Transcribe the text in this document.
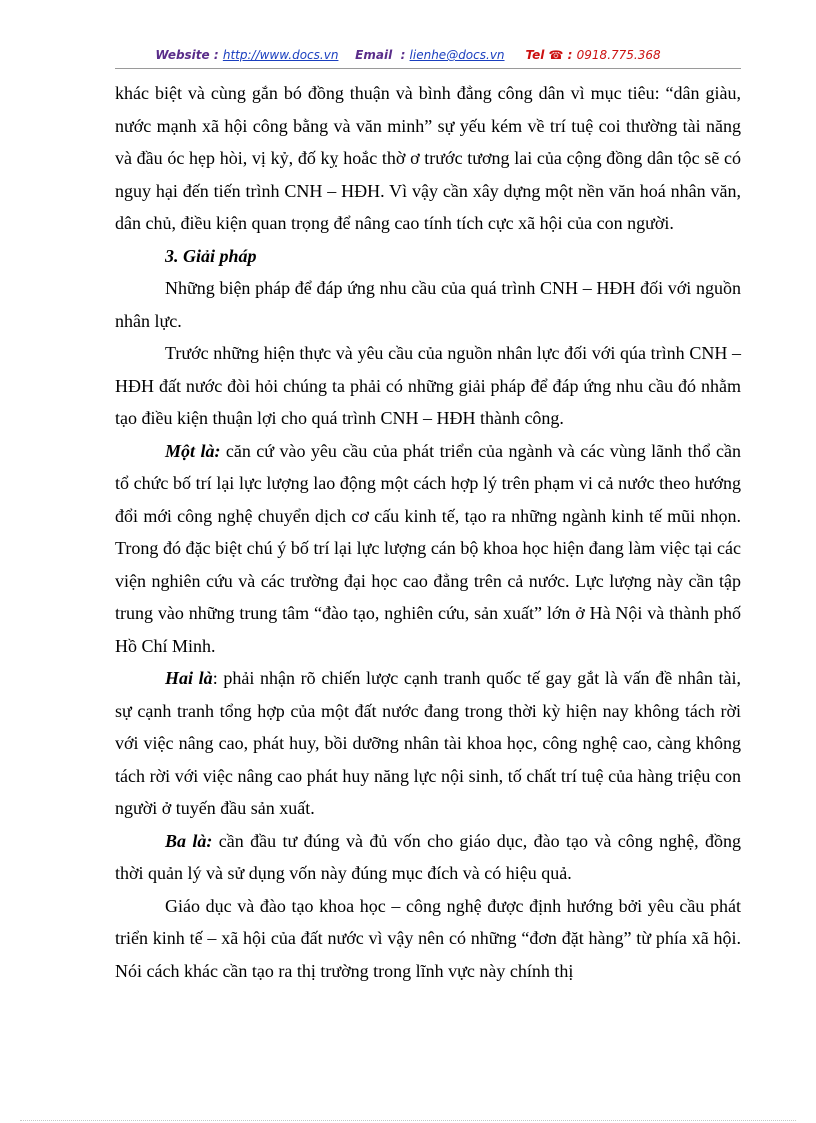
Website : http://www.docs.vn Email  : lienhe@docs.vn Tel ☎ : 0918.775.368

khác biệt và cùng gắn bó đồng thuận và bình đẳng công dân vì mục tiêu: “dân giàu, nước mạnh xã hội công bằng và văn minh” sự yếu kém về trí tuệ coi thường tài năng và đầu óc hẹp hòi, vị kỷ, đố kỵ hoắc thờ ơ trước tương lai của cộng đồng dân tộc sẽ có nguy hại đến tiến trình CNH – HĐH. Vì vậy cần xây dựng một nền văn hoá nhân văn, dân chủ, điều kiện quan trọng để nâng cao tính tích cực xã hội của con người.

3. Giải pháp

Những biện pháp để đáp ứng nhu cầu của quá trình CNH – HĐH đối với nguồn nhân lực.

Trước những hiện thực và yêu cầu của nguồn nhân lực đối với qúa trình CNH – HĐH đất nước đòi hỏi chúng ta phải có những giải pháp để đáp ứng nhu cầu đó nhằm tạo điều kiện thuận lợi cho quá trình CNH – HĐH thành công.

Một là: căn cứ vào yêu cầu của phát triển của ngành và các vùng lãnh thổ cần tổ chức bố trí lại lực lượng lao động một cách hợp lý trên phạm vi cả nước theo hướng đổi mới công nghệ chuyển dịch cơ cấu kinh tế, tạo ra những ngành kinh tế mũi nhọn. Trong đó đặc biệt chú ý bố trí lại lực lượng cán bộ khoa học hiện đang làm việc tại các viện nghiên cứu và các trường đại học cao đẳng trên cả nước. Lực lượng này cần tập trung vào những trung tâm “đào tạo, nghiên cứu, sản xuất” lớn ở Hà Nội và thành phố Hồ Chí Minh.

Hai là: phải nhận rõ chiến lược cạnh tranh quốc tế gay gắt là vấn đề nhân tài, sự cạnh tranh tổng hợp của một đất nước đang trong thời kỳ hiện nay không tách rời với việc nâng cao, phát huy, bồi dưỡng nhân tài khoa học, công nghệ cao, càng không tách rời với việc nâng cao phát huy năng lực nội sinh, tố chất trí tuệ của hàng triệu con người ở tuyến đầu sản xuất.

Ba là: cần đầu tư đúng và đủ vốn cho giáo dục, đào tạo và công nghệ, đồng thời quản lý và sử dụng vốn này đúng mục đích và có hiệu quả.

Giáo dục và đào tạo khoa học – công nghệ được định hướng bởi yêu cầu phát triển kinh tế – xã hội của đất nước vì vậy nên có những “đơn đặt hàng” từ phía xã hội. Nói cách khác cần tạo ra thị trường trong lĩnh vực này chính thị
